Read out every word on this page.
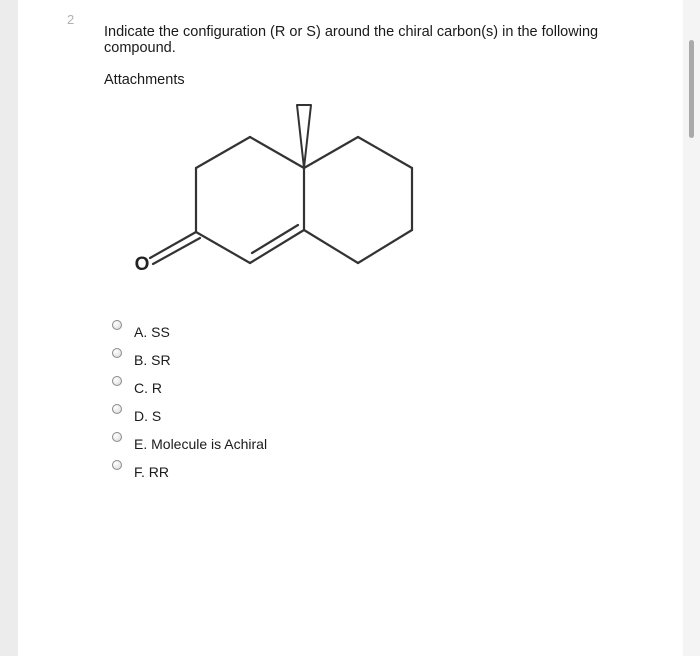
2
Indicate the configuration (R or S) around the chiral carbon(s) in the following compound.
Attachments
O
A. SS
B. SR
C. R
D. S
E. Molecule is Achiral
F. RR
